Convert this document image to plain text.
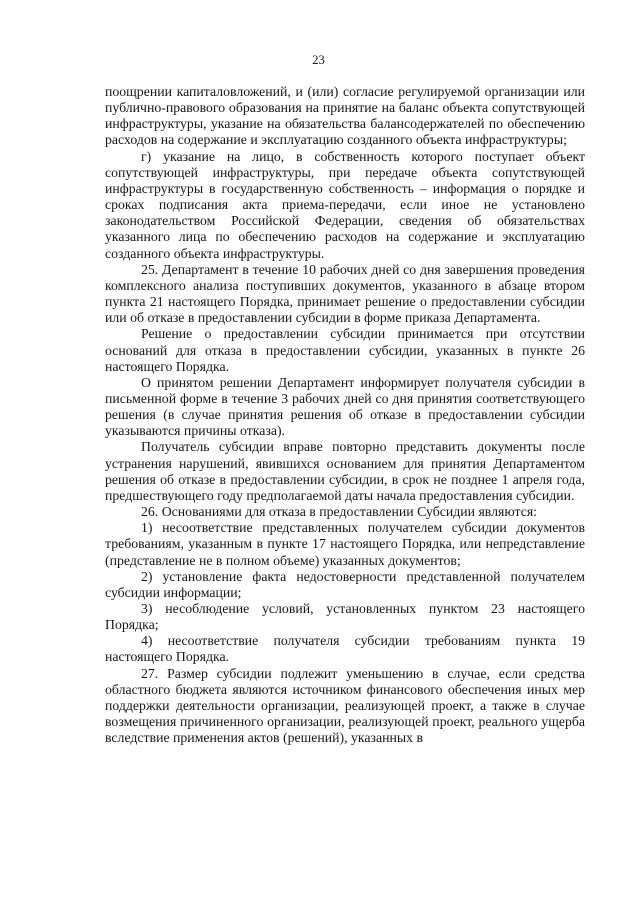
23

поощрении капиталовложений, и (или) согласие регулируемой организации или публично-правового образования на принятие на баланс объекта сопутствующей инфраструктуры, указание на обязательства балансодержателей по обеспечению расходов на содержание и эксплуатацию созданного объекта инфраструктуры;

г) указание на лицо, в собственность которого поступает объект сопутствующей инфраструктуры, при передаче объекта сопутствующей инфраструктуры в государственную собственность – информация о порядке и сроках подписания акта приема-передачи, если иное не установлено законодательством Российской Федерации, сведения об обязательствах указанного лица по обеспечению расходов на содержание и эксплуатацию созданного объекта инфраструктуры.

25. Департамент в течение 10 рабочих дней со дня завершения проведения комплексного анализа поступивших документов, указанного в абзаце втором пункта 21 настоящего Порядка, принимает решение о предоставлении субсидии или об отказе в предоставлении субсидии в форме приказа Департамента.

Решение о предоставлении субсидии принимается при отсутствии оснований для отказа в предоставлении субсидии, указанных в пункте 26 настоящего Порядка.

О принятом решении Департамент информирует получателя субсидии в письменной форме в течение 3 рабочих дней со дня принятия соответствующего решения (в случае принятия решения об отказе в предоставлении субсидии указываются причины отказа).

Получатель субсидии вправе повторно представить документы после устранения нарушений, явившихся основанием для принятия Департаментом решения об отказе в предоставлении субсидии, в срок не позднее 1 апреля года, предшествующего году предполагаемой даты начала предоставления субсидии.

26. Основаниями для отказа в предоставлении Субсидии являются:

1) несоответствие представленных получателем субсидии документов требованиям, указанным в пункте 17 настоящего Порядка, или непредставление (представление не в полном объеме) указанных документов;

2) установление факта недостоверности представленной получателем субсидии информации;

3) несоблюдение условий, установленных пунктом 23 настоящего Порядка;

4) несоответствие получателя субсидии требованиям пункта 19 настоящего Порядка.

27. Размер субсидии подлежит уменьшению в случае, если средства областного бюджета являются источником финансового обеспечения иных мер поддержки деятельности организации, реализующей проект, а также в случае возмещения причиненного организации, реализующей проект, реального ущерба вследствие применения актов (решений), указанных в
